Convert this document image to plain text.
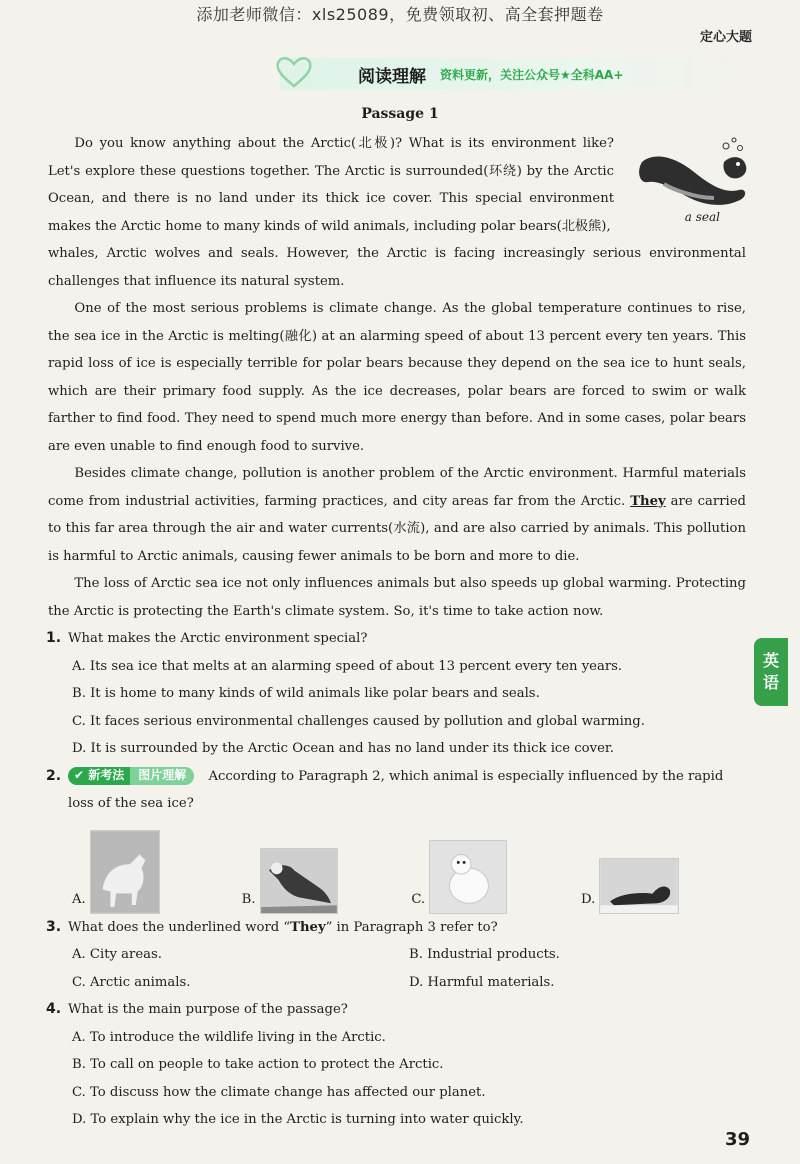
添加老师微信：xls25089，免费领取初、高全套押题卷
定心大题
阅读理解 资料更新，关注公众号★全科AA+
Passage 1
a seal

Do you know anything about the Arctic(北极)? What is its environment like? Let's explore these questions together. The Arctic is surrounded(环绕) by the Arctic Ocean, and there is no land under its thick ice cover. This special environment makes the Arctic home to many kinds of wild animals, including polar bears(北极熊),

whales, Arctic wolves and seals. However, the Arctic is facing increasingly serious environmental challenges that influence its natural system.

One of the most serious problems is climate change. As the global temperature continues to rise, the sea ice in the Arctic is melting(融化) at an alarming speed of about 13 percent every ten years. This rapid loss of ice is especially terrible for polar bears because they depend on the sea ice to hunt seals, which are their primary food supply. As the ice decreases, polar bears are forced to swim or walk farther to find food. They need to spend much more energy than before. And in some cases, polar bears are even unable to find enough food to survive.

Besides climate change, pollution is another problem of the Arctic environment. Harmful materials come from industrial activities, farming practices, and city areas far from the Arctic. They are carried to this far area through the air and water currents(水流), and are also carried by animals. This pollution is harmful to Arctic animals, causing fewer animals to be born and more to die.

The loss of Arctic sea ice not only influences animals but also speeds up global warming. Protecting the Arctic is protecting the Earth's climate system. So, it's time to take action now.

1. What makes the Arctic environment special?
A. Its sea ice that melts at an alarming speed of about 13 percent every ten years.
B. It is home to many kinds of wild animals like polar bears and seals.
C. It faces serious environmental challenges caused by pollution and global warming.
D. It is surrounded by the Arctic Ocean and has no land under its thick ice cover.
2.	✔
新考法 图片理解 According to Paragraph 2, which animal is especially influenced by the rapid loss of the sea ice?
A.	B.	C.	D.
3. What does the underlined word “They” in Paragraph 3 refer to?
A. City areas.	B. Industrial products.
C. Arctic animals.	D. Harmful materials.
4. What is the main purpose of the passage?
A. To introduce the wildlife living in the Arctic.
B. To call on people to take action to protect the Arctic.
C. To discuss how the climate change has affected our planet.
D. To explain why the ice in the Arctic is turning into water quickly.
英
语
39
